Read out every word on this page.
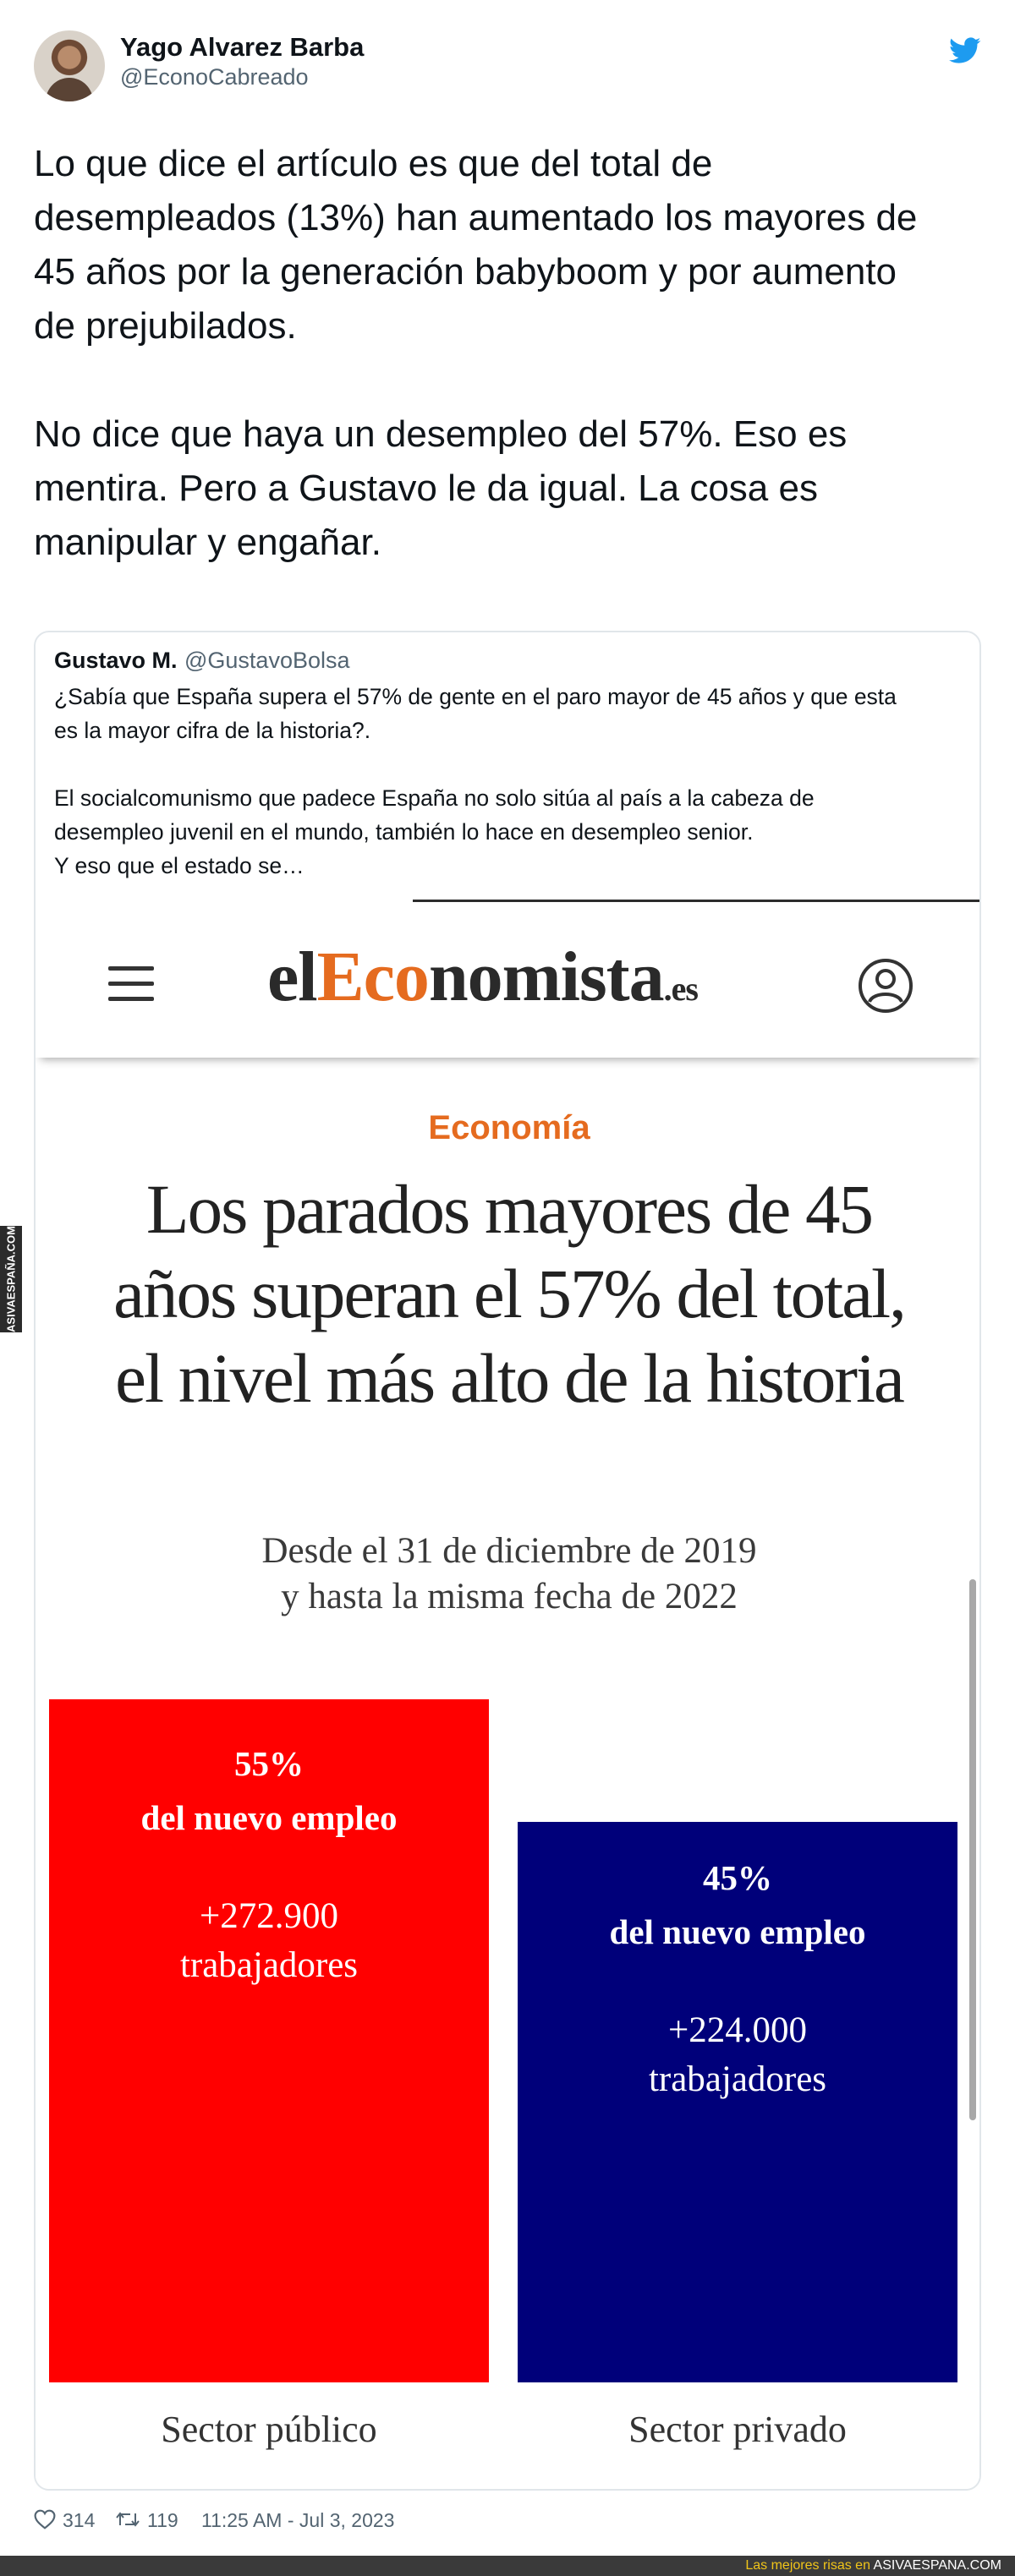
Yago Alvarez Barba
@EconoCabreado

Lo que dice el artículo es que del total de
desempleados (13%) han aumentado los mayores de
45 años por la generación babyboom y por aumento
de prejubilados.

No dice que haya un desempleo del 57%. Eso es
mentira. Pero a Gustavo le da igual. La cosa es
manipular y engañar.

Gustavo M. @GustavoBolsa
¿Sabía que España supera el 57% de gente en el paro mayor de 45 años y que esta
es la mayor cifra de la historia?.

El socialcomunismo que padece España no solo sitúa al país a la cabeza de
desempleo juvenil en el mundo, también lo hace en desempleo senior.
Y eso que el estado se…
elEconomista.es
Economía
Los parados mayores de 45
años superan el 57% del total,
el nivel más alto de la historia
Desde el 31 de diciembre de 2019
y hasta la misma fecha de 2022
55%
del nuevo empleo
+272.900
trabajadores
45%
del nuevo empleo
+224.000
trabajadores
Sector público	Sector privado
314	119 11:25 AM - Jul 3, 2023
ASIVAESPAÑA.COM
Las mejores risas en ASIVAESPANA.COM
